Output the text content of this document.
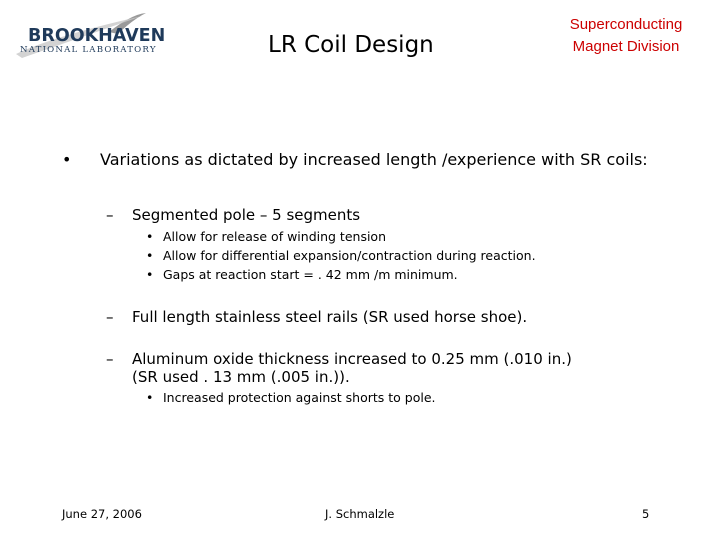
BROOKHAVEN
NATIONAL LABORATORY	LR Coil Design
Superconducting
Magnet Division
• Variations as dictated by increased length /experience with SR coils:
– Segmented pole – 5 segments
• Allow for release of winding tension
• Allow for differential expansion/contraction during reaction.
• Gaps at reaction start = . 42 mm /m minimum.
– Full length stainless steel rails (SR used horse shoe).
– Aluminum oxide thickness increased to 0.25 mm (.010 in.)
(SR used . 13 mm (.005 in.)).
• Increased protection against shorts to pole.
June 27, 2006	J. Schmalzle	5
